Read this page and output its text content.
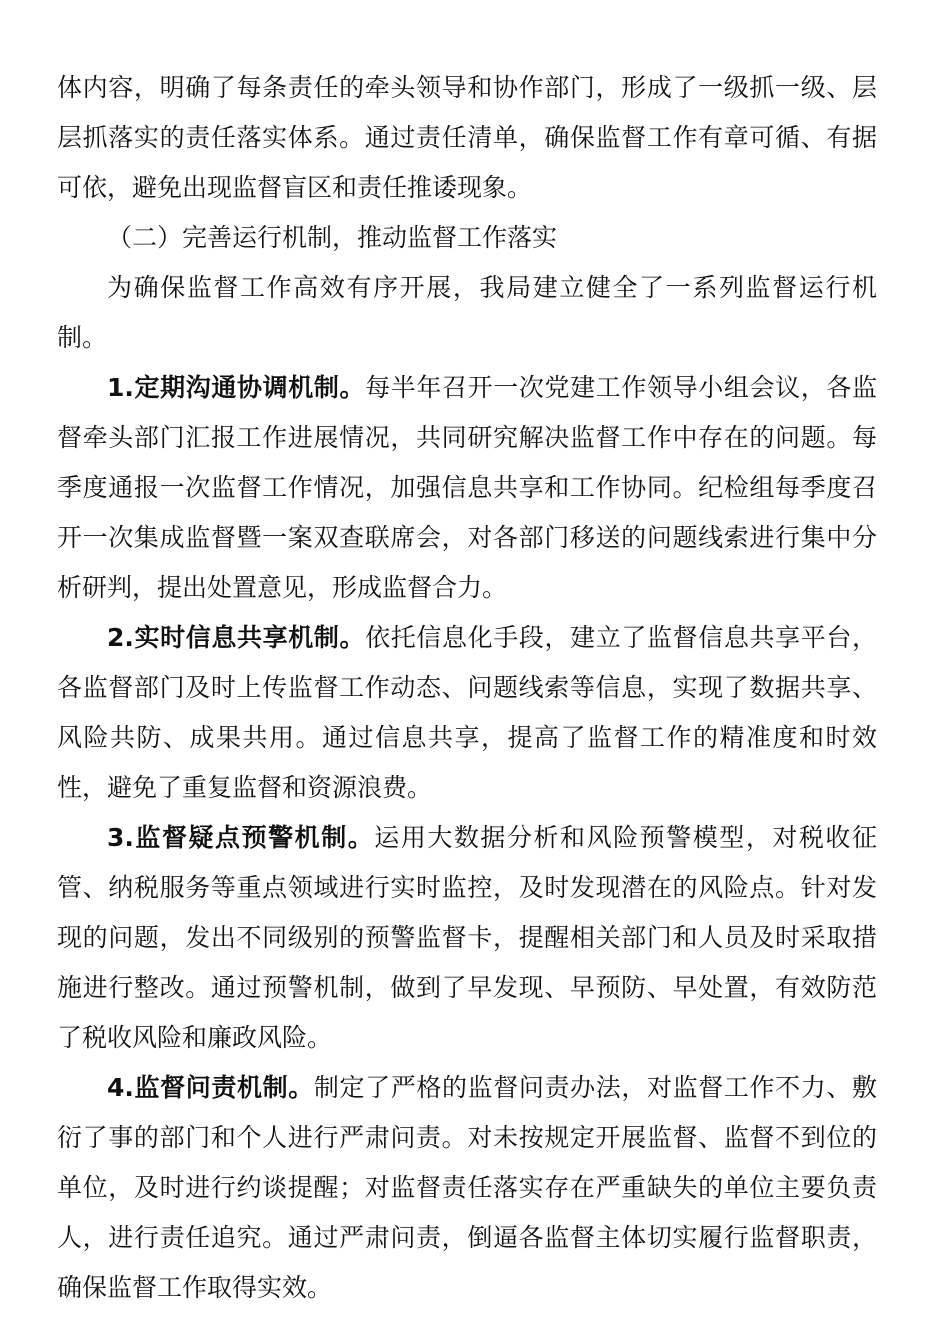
体内容，明确了每条责任的牵头领导和协作部门，形成了一级抓一级、层层抓落实的责任落实体系。通过责任清单，确保监督工作有章可循、有据可依，避免出现监督盲区和责任推诿现象。

（二）完善运行机制，推动监督工作落实

为确保监督工作高效有序开展，我局建立健全了一系列监督运行机制。

1.定期沟通协调机制。每半年召开一次党建工作领导小组会议，各监督牵头部门汇报工作进展情况，共同研究解决监督工作中存在的问题。每季度通报一次监督工作情况，加强信息共享和工作协同。纪检组每季度召开一次集成监督暨一案双查联席会，对各部门移送的问题线索进行集中分析研判，提出处置意见，形成监督合力。

2.实时信息共享机制。依托信息化手段，建立了监督信息共享平台，各监督部门及时上传监督工作动态、问题线索等信息，实现了数据共享、风险共防、成果共用。通过信息共享，提高了监督工作的精准度和时效性，避免了重复监督和资源浪费。

3.监督疑点预警机制。运用大数据分析和风险预警模型，对税收征管、纳税服务等重点领域进行实时监控，及时发现潜在的风险点。针对发现的问题，发出不同级别的预警监督卡，提醒相关部门和人员及时采取措施进行整改。通过预警机制，做到了早发现、早预防、早处置，有效防范了税收风险和廉政风险。

4.监督问责机制。制定了严格的监督问责办法，对监督工作不力、敷衍了事的部门和个人进行严肃问责。对未按规定开展监督、监督不到位的单位，及时进行约谈提醒；对监督责任落实存在严重缺失的单位主要负责人，进行责任追究。通过严肃问责，倒逼各监督主体切实履行监督职责，确保监督工作取得实效。
